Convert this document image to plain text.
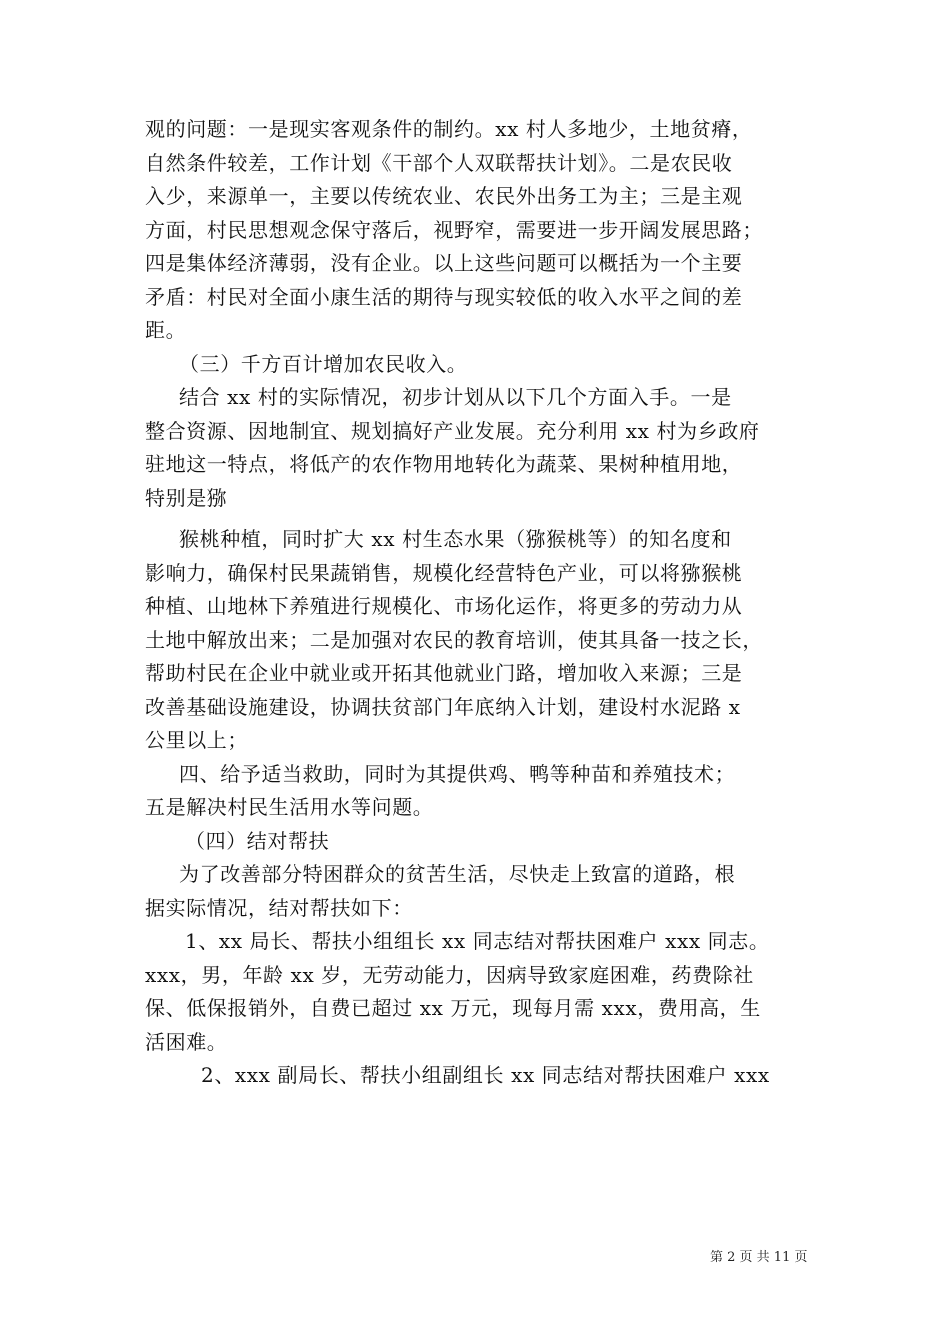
观的问题：一是现实客观条件的制约。xx 村人多地少，土地贫瘠，
自然条件较差，工作计划《干部个人双联帮扶计划》。二是农民收
入少，来源单一，主要以传统农业、农民外出务工为主；三是主观
方面，村民思想观念保守落后，视野窄，需要进一步开阔发展思路；
四是集体经济薄弱，没有企业。以上这些问题可以概括为一个主要
矛盾：村民对全面小康生活的期待与现实较低的收入水平之间的差
距。
（三）千方百计增加农民收入。
结合 xx 村的实际情况，初步计划从以下几个方面入手。一是
整合资源、因地制宜、规划搞好产业发展。充分利用 xx 村为乡政府
驻地这一特点，将低产的农作物用地转化为蔬菜、果树种植用地，
特别是猕
猴桃种植，同时扩大 xx 村生态水果（猕猴桃等）的知名度和
影响力，确保村民果蔬销售，规模化经营特色产业，可以将猕猴桃
种植、山地林下养殖进行规模化、市场化运作，将更多的劳动力从
土地中解放出来；二是加强对农民的教育培训，使其具备一技之长，
帮助村民在企业中就业或开拓其他就业门路，增加收入来源；三是
改善基础设施建设，协调扶贫部门年底纳入计划，建设村水泥路 x
公里以上；
四、给予适当救助，同时为其提供鸡、鸭等种苗和养殖技术；
五是解决村民生活用水等问题。
（四）结对帮扶
为了改善部分特困群众的贫苦生活，尽快走上致富的道路，根
据实际情况，结对帮扶如下：
1、xx 局长、帮扶小组组长 xx 同志结对帮扶困难户 xxx 同志。
xxx，男，年龄 xx 岁，无劳动能力，因病导致家庭困难，药费除社
保、低保报销外，自费已超过 xx 万元，现每月需 xxx，费用高，生
活困难。
2、xxx 副局长、帮扶小组副组长 xx 同志结对帮扶困难户 xxx
第 2 页 共 11 页
